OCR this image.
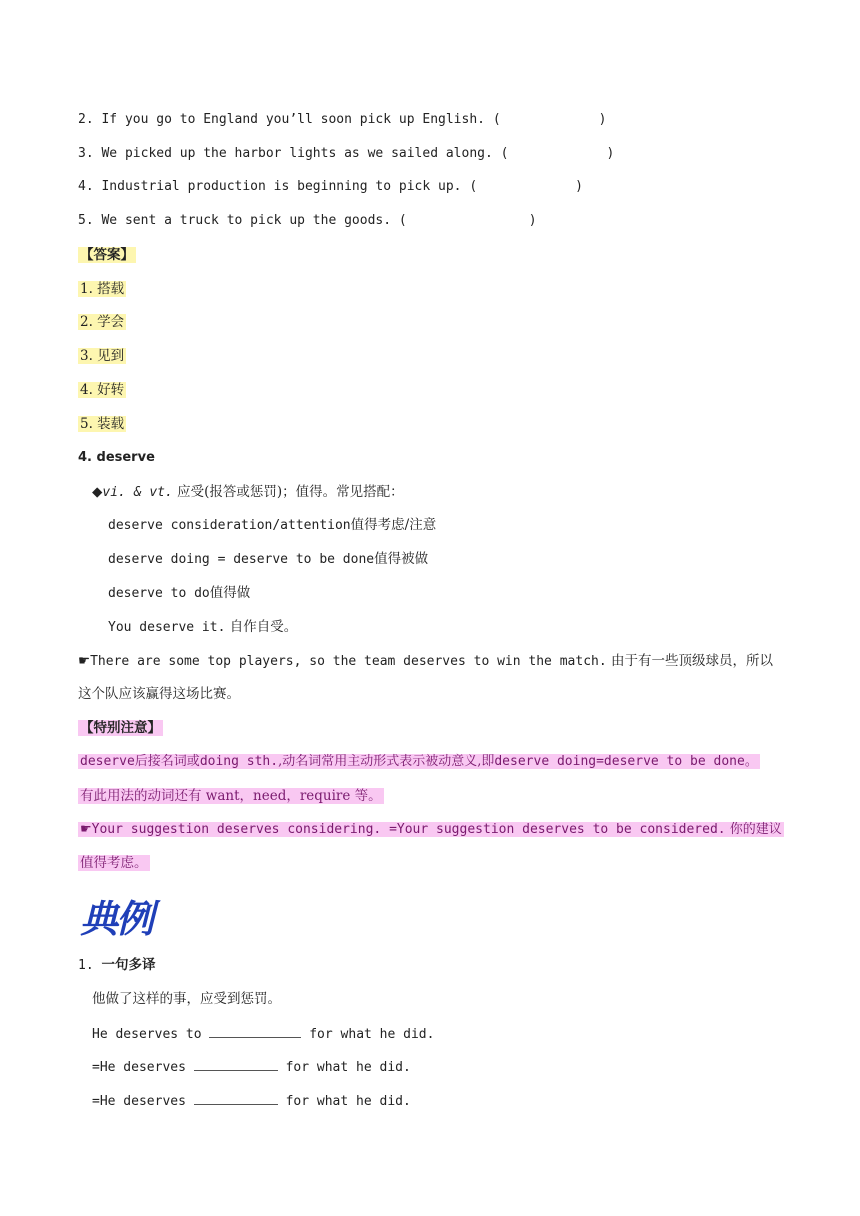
2. If you go to England you’ll soon pick up English. (	)
3. We picked up the harbor lights as we sailed along. (	)
4. Industrial production is beginning to pick up. (	)
5. We sent a truck to pick up the goods. (	)
【答案】
1. 搭载
2. 学会
3. 见到
4. 好转
5. 装载
4. deserve
◆vi. & vt. 应受(报答或惩罚)；值得。常见搭配：
deserve consideration/attention值得考虑/注意
deserve doing = deserve to be done值得被做
deserve to do值得做
You deserve it. 自作自受。
☛There are some top players, so the team deserves to win the match. 由于有一些顶级球员，所以
这个队应该赢得这场比赛。
【特别注意】
deserve后接名词或doing sth.,动名词常用主动形式表示被动意义,即deserve doing=deserve to be done。
有此用法的动词还有 want，need，require 等。
☛Your suggestion deserves considering. =Your suggestion deserves to be considered. 你的建议
值得考虑。
典例
1. 一句多译
他做了这样的事，应受到惩罚。
He deserves to	for what he did.
=He deserves	for what he did.
=He deserves	for what he did.
